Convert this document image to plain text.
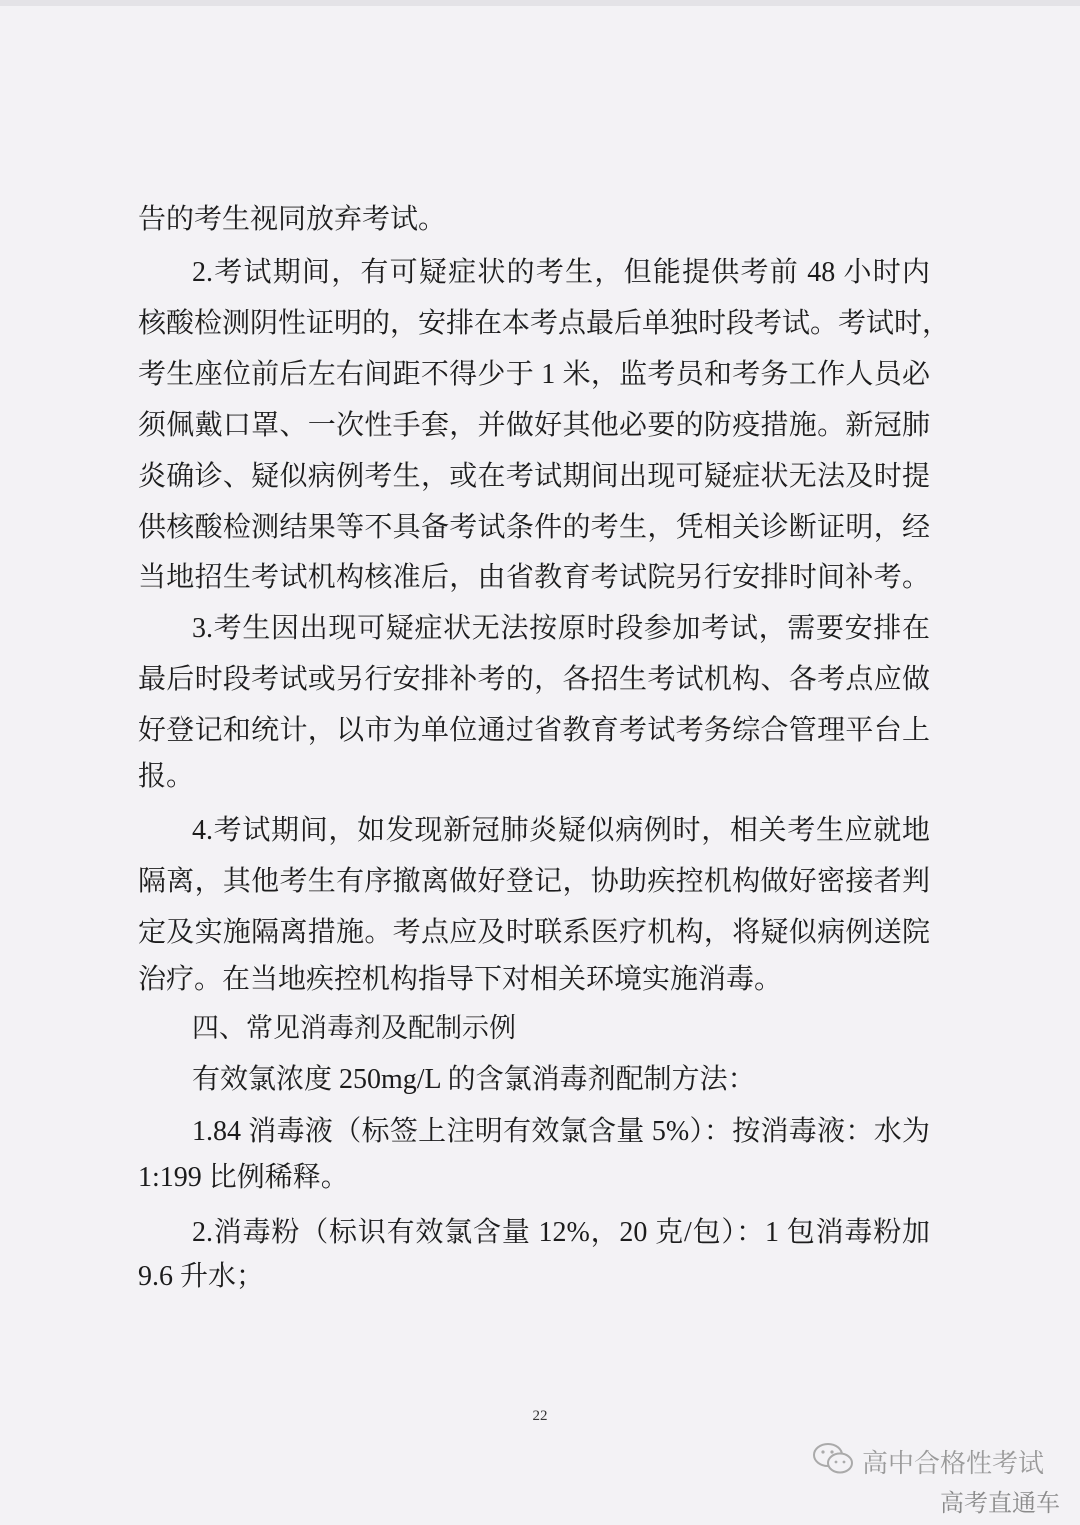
告的考生视同放弃考试。
2.考试期间，有可疑症状的考生，但能提供考前 48 小时内
核酸检测阴性证明的，安排在本考点最后单独时段考试。考试时，
考生座位前后左右间距不得少于 1 米，监考员和考务工作人员必
须佩戴口罩、一次性手套，并做好其他必要的防疫措施。新冠肺
炎确诊、疑似病例考生，或在考试期间出现可疑症状无法及时提
供核酸检测结果等不具备考试条件的考生，凭相关诊断证明，经
当地招生考试机构核准后，由省教育考试院另行安排时间补考。
3.考生因出现可疑症状无法按原时段参加考试，需要安排在
最后时段考试或另行安排补考的，各招生考试机构、各考点应做
好登记和统计，以市为单位通过省教育考试考务综合管理平台上
报。
4.考试期间，如发现新冠肺炎疑似病例时，相关考生应就地
隔离，其他考生有序撤离做好登记，协助疾控机构做好密接者判
定及实施隔离措施。考点应及时联系医疗机构，将疑似病例送院
治疗。在当地疾控机构指导下对相关环境实施消毒。
四、常见消毒剂及配制示例
有效氯浓度 250mg/L 的含氯消毒剂配制方法：
1.84 消毒液（标签上注明有效氯含量 5%）：按消毒液：水为
1:199 比例稀释。
2.消毒粉（标识有效氯含量 12%，20 克/包）：1 包消毒粉加
9.6 升水；
22
高中合格性考试
高考直通车
